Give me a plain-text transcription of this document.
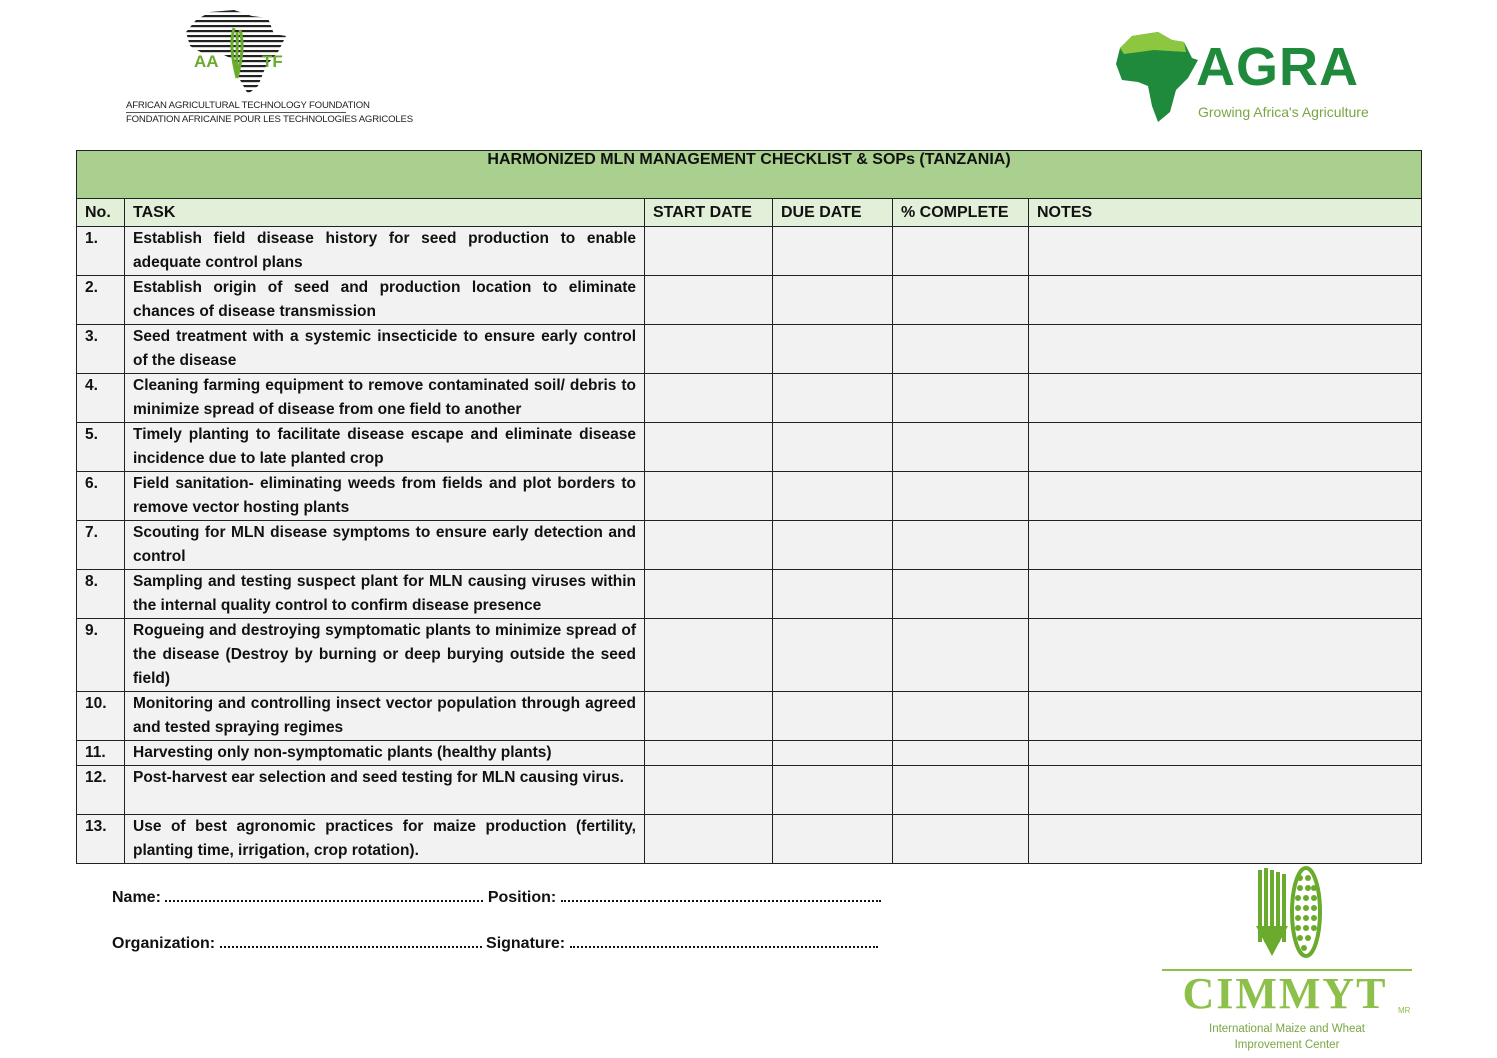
AA	TF
AFRICAN AGRICULTURAL TECHNOLOGY FOUNDATION
FONDATION AFRICAINE POUR LES TECHNOLOGIES AGRICOLES
AGRA
Growing Africa's Agriculture
HARMONIZED MLN MANAGEMENT CHECKLIST & SOPs (TANZANIA)					
No.	TASK	START DATE	DUE DATE	% COMPLETE	NOTES
1.	Establish field disease history for seed production to enable adequate control plans				
2.	Establish origin of seed and production location to eliminate chances of disease transmission				
3.	Seed treatment with a systemic insecticide to ensure early control of the disease				
4.	Cleaning farming equipment to remove contaminated soil/ debris to minimize spread of disease from one field to another				
5.	Timely planting to facilitate disease escape and eliminate disease incidence due to late planted crop				
6.	Field sanitation- eliminating weeds from fields and plot borders to remove vector hosting plants				
7.	Scouting for MLN disease symptoms to ensure early detection and control				
8.	Sampling and testing suspect plant for MLN causing viruses within the internal quality control to confirm disease presence				
9.	Rogueing and destroying symptomatic plants to minimize spread of the disease (Destroy by burning or deep burying outside the seed field)				
10.	Monitoring and controlling insect vector population through agreed and tested spraying regimes				
11.	Harvesting only non-symptomatic plants (healthy plants)				
12.	Post-harvest ear selection and seed testing for MLN causing virus.				
13.	Use of best agronomic practices for maize production (fertility, planting time, irrigation, crop rotation).				
Name:	Position:
Organization:	Signature:
CIMMYT	MR
International Maize and Wheat
Improvement Center
